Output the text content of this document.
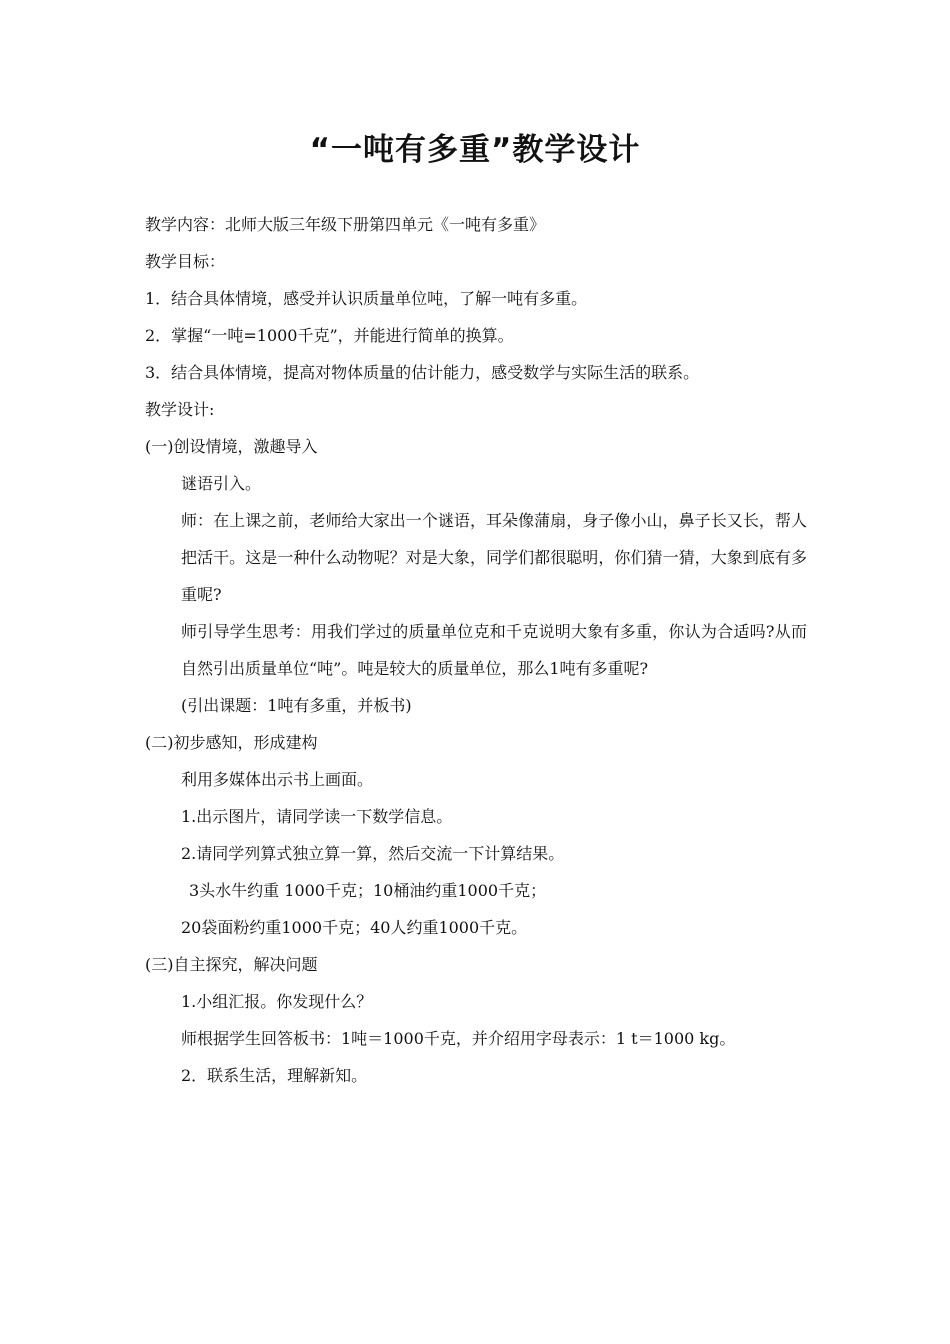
“一吨有多重”教学设计

教学内容：北师大版三年级下册第四单元《一吨有多重》

教学目标：

1．结合具体情境，感受并认识质量单位吨，了解一吨有多重。

2．掌握“一吨=1000千克”，并能进行简单的换算。

3．结合具体情境，提高对物体质量的估计能力，感受数学与实际生活的联系。

教学设计:

(一)创设情境，激趣导入

谜语引入。

师：在上课之前，老师给大家出一个谜语，耳朵像蒲扇，身子像小山，鼻子长又长，帮人把活干。这是一种什么动物呢？对是大象，同学们都很聪明，你们猜一猜，大象到底有多重呢?

师引导学生思考：用我们学过的质量单位克和千克说明大象有多重，你认为合适吗?从而自然引出质量单位“吨”。吨是较大的质量单位，那么1吨有多重呢?

(引出课题：1吨有多重，并板书)

(二)初步感知，形成建构

利用多媒体出示书上画面。

1.出示图片，请同学读一下数学信息。

2.请同学列算式独立算一算，然后交流一下计算结果。

3头水牛约重 1000千克；10桶油约重1000千克；

20袋面粉约重1000千克；40人约重1000千克。

(三)自主探究，解决问题

1.小组汇报。你发现什么？

师根据学生回答板书：1吨＝1000千克，并介绍用字母表示：1 t＝1000 kg。

2．联系生活，理解新知。
